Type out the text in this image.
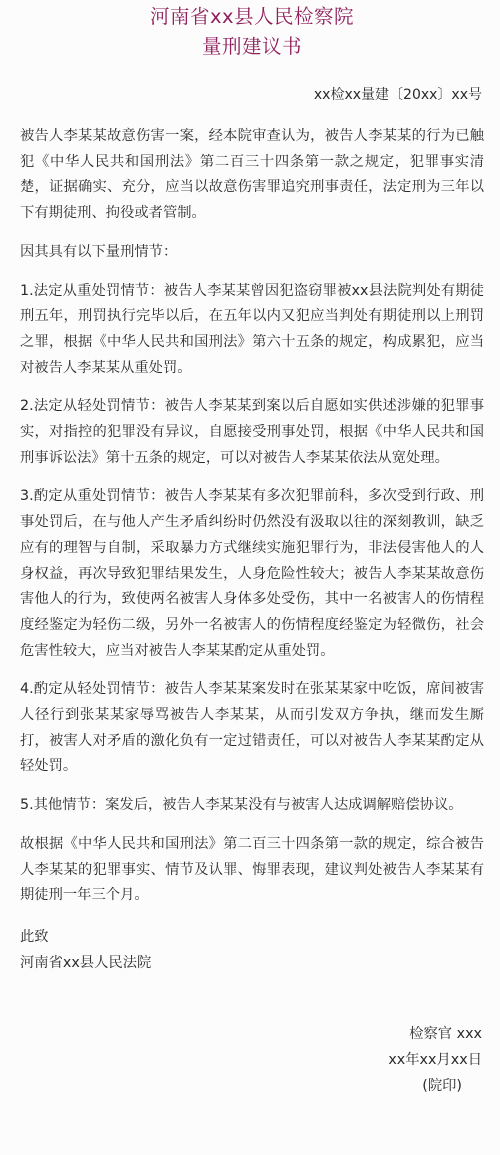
河南省xx县人民检察院
量刑建议书
xx检xx量建〔20xx〕xx号

被告人李某某故意伤害一案，经本院审查认为，被告人李某某的行为已触犯《中华人民共和国刑法》第二百三十四条第一款之规定，犯罪事实清楚，证据确实、充分，应当以故意伤害罪追究刑事责任，法定刑为三年以下有期徒刑、拘役或者管制。

因其具有以下量刑情节：

1.法定从重处罚情节：被告人李某某曾因犯盗窃罪被xx县法院判处有期徒刑五年，刑罚执行完毕以后，在五年以内又犯应当判处有期徒刑以上刑罚之罪，根据《中华人民共和国刑法》第六十五条的规定，构成累犯，应当对被告人李某某从重处罚。

2.法定从轻处罚情节：被告人李某某到案以后自愿如实供述涉嫌的犯罪事实，对指控的犯罪没有异议，自愿接受刑事处罚，根据《中华人民共和国刑事诉讼法》第十五条的规定，可以对被告人李某某依法从宽处理。

3.酌定从重处罚情节：被告人李某某有多次犯罪前科，多次受到行政、刑事处罚后，在与他人产生矛盾纠纷时仍然没有汲取以往的深刻教训，缺乏应有的理智与自制，采取暴力方式继续实施犯罪行为，非法侵害他人的人身权益，再次导致犯罪结果发生，人身危险性较大；被告人李某某故意伤害他人的行为，致使两名被害人身体多处受伤，其中一名被害人的伤情程度经鉴定为轻伤二级，另外一名被害人的伤情程度经鉴定为轻微伤，社会危害性较大，应当对被告人李某某酌定从重处罚。

4.酌定从轻处罚情节：被告人李某某案发时在张某某家中吃饭，席间被害人径行到张某某家辱骂被告人李某某，从而引发双方争执，继而发生厮打，被害人对矛盾的激化负有一定过错责任，可以对被告人李某某酌定从轻处罚。

5.其他情节：案发后，被告人李某某没有与被害人达成调解赔偿协议。

故根据《中华人民共和国刑法》第二百三十四条第一款的规定，综合被告人李某某的犯罪事实、情节及认罪、悔罪表现，建议判处被告人李某某有期徒刑一年三个月。

此致

河南省xx县人民法院

检察官 xxx
xx年xx月xx日
(院印)
